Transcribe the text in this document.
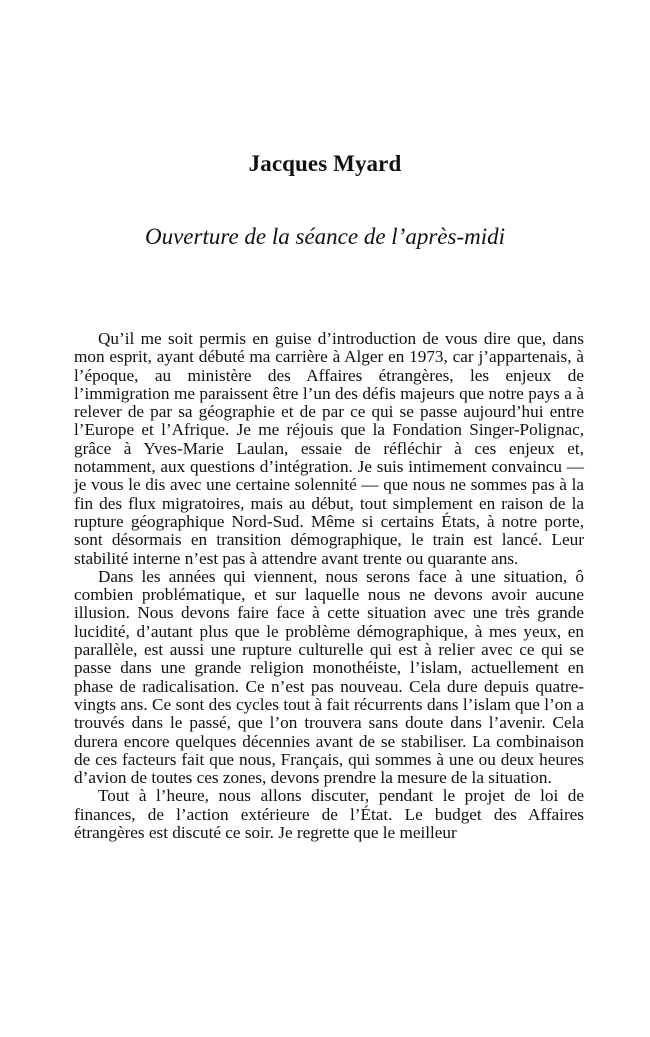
Jacques Myard
Ouverture de la séance de l’après-midi

Qu’il me soit permis en guise d’introduction de vous dire que, dans mon esprit, ayant débuté ma carrière à Alger en 1973, car j’appartenais, à l’époque, au ministère des Affaires étrangères, les enjeux de l’immigration me paraissent être l’un des défis majeurs que notre pays a à relever de par sa géographie et de par ce qui se passe aujourd’hui entre l’Europe et l’Afrique. Je me réjouis que la Fondation Singer-Polignac, grâce à Yves-Marie Laulan, essaie de réfléchir à ces enjeux et, notamment, aux questions d’intégration. Je suis intimement convaincu — je vous le dis avec une certaine solennité — que nous ne sommes pas à la fin des flux migratoires, mais au début, tout simplement en raison de la rupture géographique Nord-Sud. Même si certains États, à notre porte, sont désormais en transition démographique, le train est lancé. Leur stabilité interne n’est pas à attendre avant trente ou quarante ans.

Dans les années qui viennent, nous serons face à une situation, ô combien problématique, et sur laquelle nous ne devons avoir aucune illusion. Nous devons faire face à cette situation avec une très grande lucidité, d’autant plus que le problème démographique, à mes yeux, en parallèle, est aussi une rupture culturelle qui est à relier avec ce qui se passe dans une grande religion monothéiste, l’islam, actuellement en phase de radicalisation. Ce n’est pas nouveau. Cela dure depuis quatre-vingts ans. Ce sont des cycles tout à fait récurrents dans l’islam que l’on a trouvés dans le passé, que l’on trouvera sans doute dans l’avenir. Cela durera encore quelques décennies avant de se stabiliser. La combinaison de ces facteurs fait que nous, Français, qui sommes à une ou deux heures d’avion de toutes ces zones, devons prendre la mesure de la situation.

Tout à l’heure, nous allons discuter, pendant le projet de loi de finances, de l’action extérieure de l’État. Le budget des Affaires étrangères est discuté ce soir. Je regrette que le meilleur
